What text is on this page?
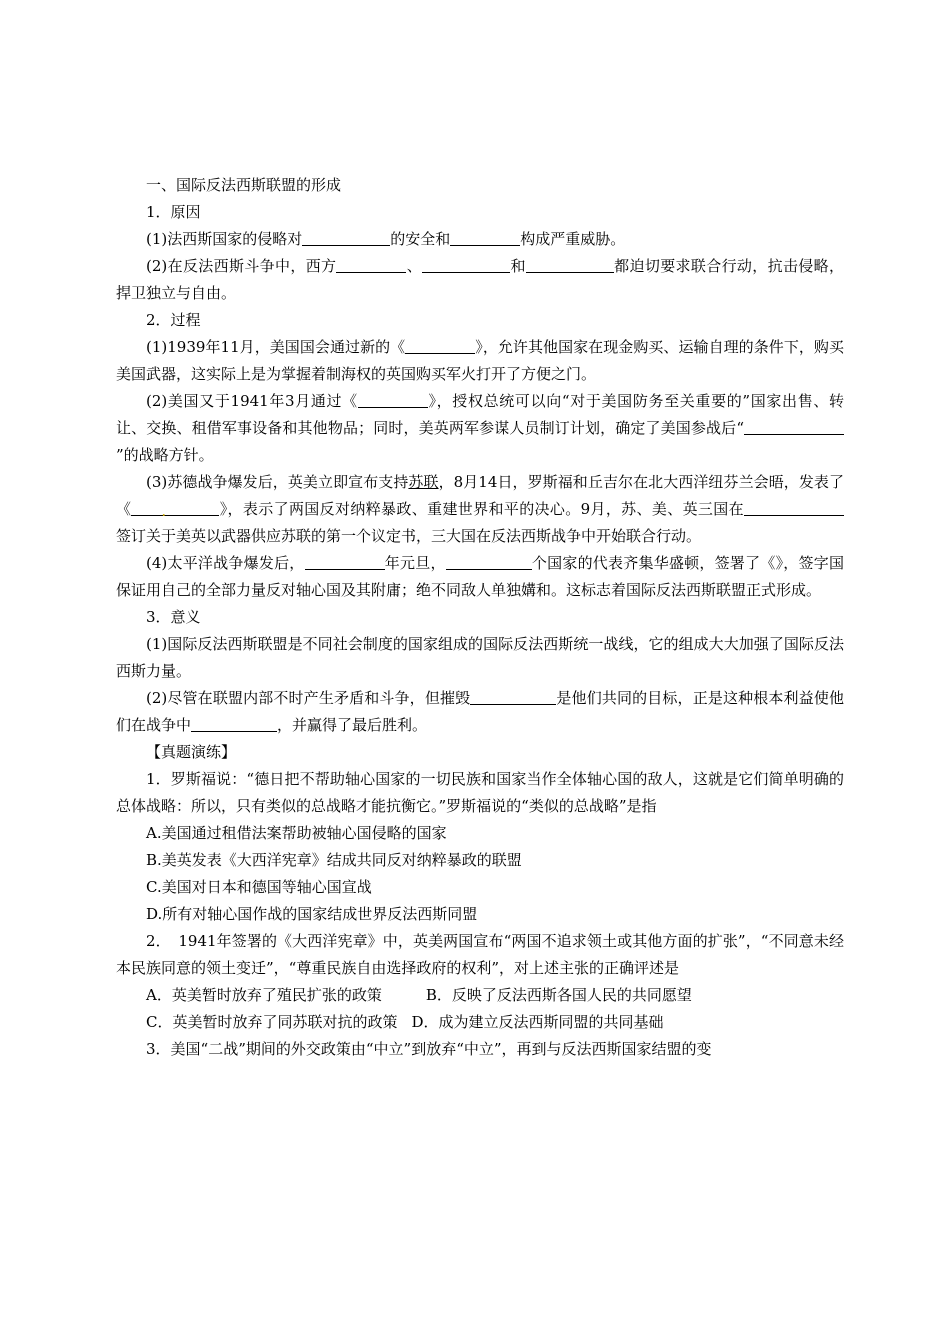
一、国际反法西斯联盟的形成
1．原因
(1)法西斯国家的侵略对	的安全和	构成严重威胁。
(2)在反法西斯斗争中，西方	、	和	都迫切要求联合行动，抗击侵略，捍卫独立与自由。
2．过程
(1)1939年11月，美国国会通过新的《	》，允许其他国家在现金购买、运输自理的条件下，购买美国武器，这实际上是为掌握着制海权的英国购买军火打开了方便之门。
(2)美国又于1941年3月通过《	》，授权总统可以向“对于美国防务至关重要的”国家出售、转让、交换、租借军事设备和其他物品；同时，美英两军参谋人员制订计划，确定了美国参战后“”的战略方针。
(3)苏德战争爆发后，英美立即宣布支持苏联，8月14日，罗斯福和丘吉尔在北大西洋纽芬兰会晤，发表了《 .	》，表示了两国反对纳粹暴政、重建世界和平的决心。9月，苏、美、英三国在签订关于美英以武器供应苏联的第一个议定书，三大国在反法西斯战争中开始联合行动。
(4)太平洋战争爆发后，	年元旦，	个国家的代表齐集华盛顿，签署了《》，签字国保证用自己的全部力量反对轴心国及其附庸；绝不同敌人单独媾和。这标志着国际反法西斯联盟正式形成。
3．意义
(1)国际反法西斯联盟是不同社会制度的国家组成的国际反法西斯统一战线，它的组成大大加强了国际反法西斯力量。
(2)尽管在联盟内部不时产生矛盾和斗争，但摧毁	是他们共同的目标，正是这种根本利益使他们在战争中	，并赢得了最后胜利。
【真题演练】
1．罗斯福说：“德日把不帮助轴心国家的一切民族和国家当作全体轴心国的敌人，这就是它们简单明确的总体战略：所以，只有类似的总战略才能抗衡它。”罗斯福说的“类似的总战略”是指
A.美国通过租借法案帮助被轴心国侵略的国家
B.美英发表《大西洋宪章》结成共同反对纳粹暴政的联盟
C.美国对日本和德国等轴心国宣战
D.所有对轴心国作战的国家结成世界反法西斯同盟
2．　1941年签署的《大西洋宪章》中，英美两国宣布“两国不追求领土或其他方面的扩张”，“不同意未经本民族同意的领土变迁”，“尊重民族自由选择政府的权利”，对上述主张的正确评述是
A．英美暂时放弃了殖民扩张的政策	B．反映了反法西斯各国人民的共同愿望
C．英美暂时放弃了同苏联对抗的政策 D．成为建立反法西斯同盟的共同基础
3．美国“二战”期间的外交政策由“中立”到放弃“中立”，再到与反法西斯国家结盟的变
